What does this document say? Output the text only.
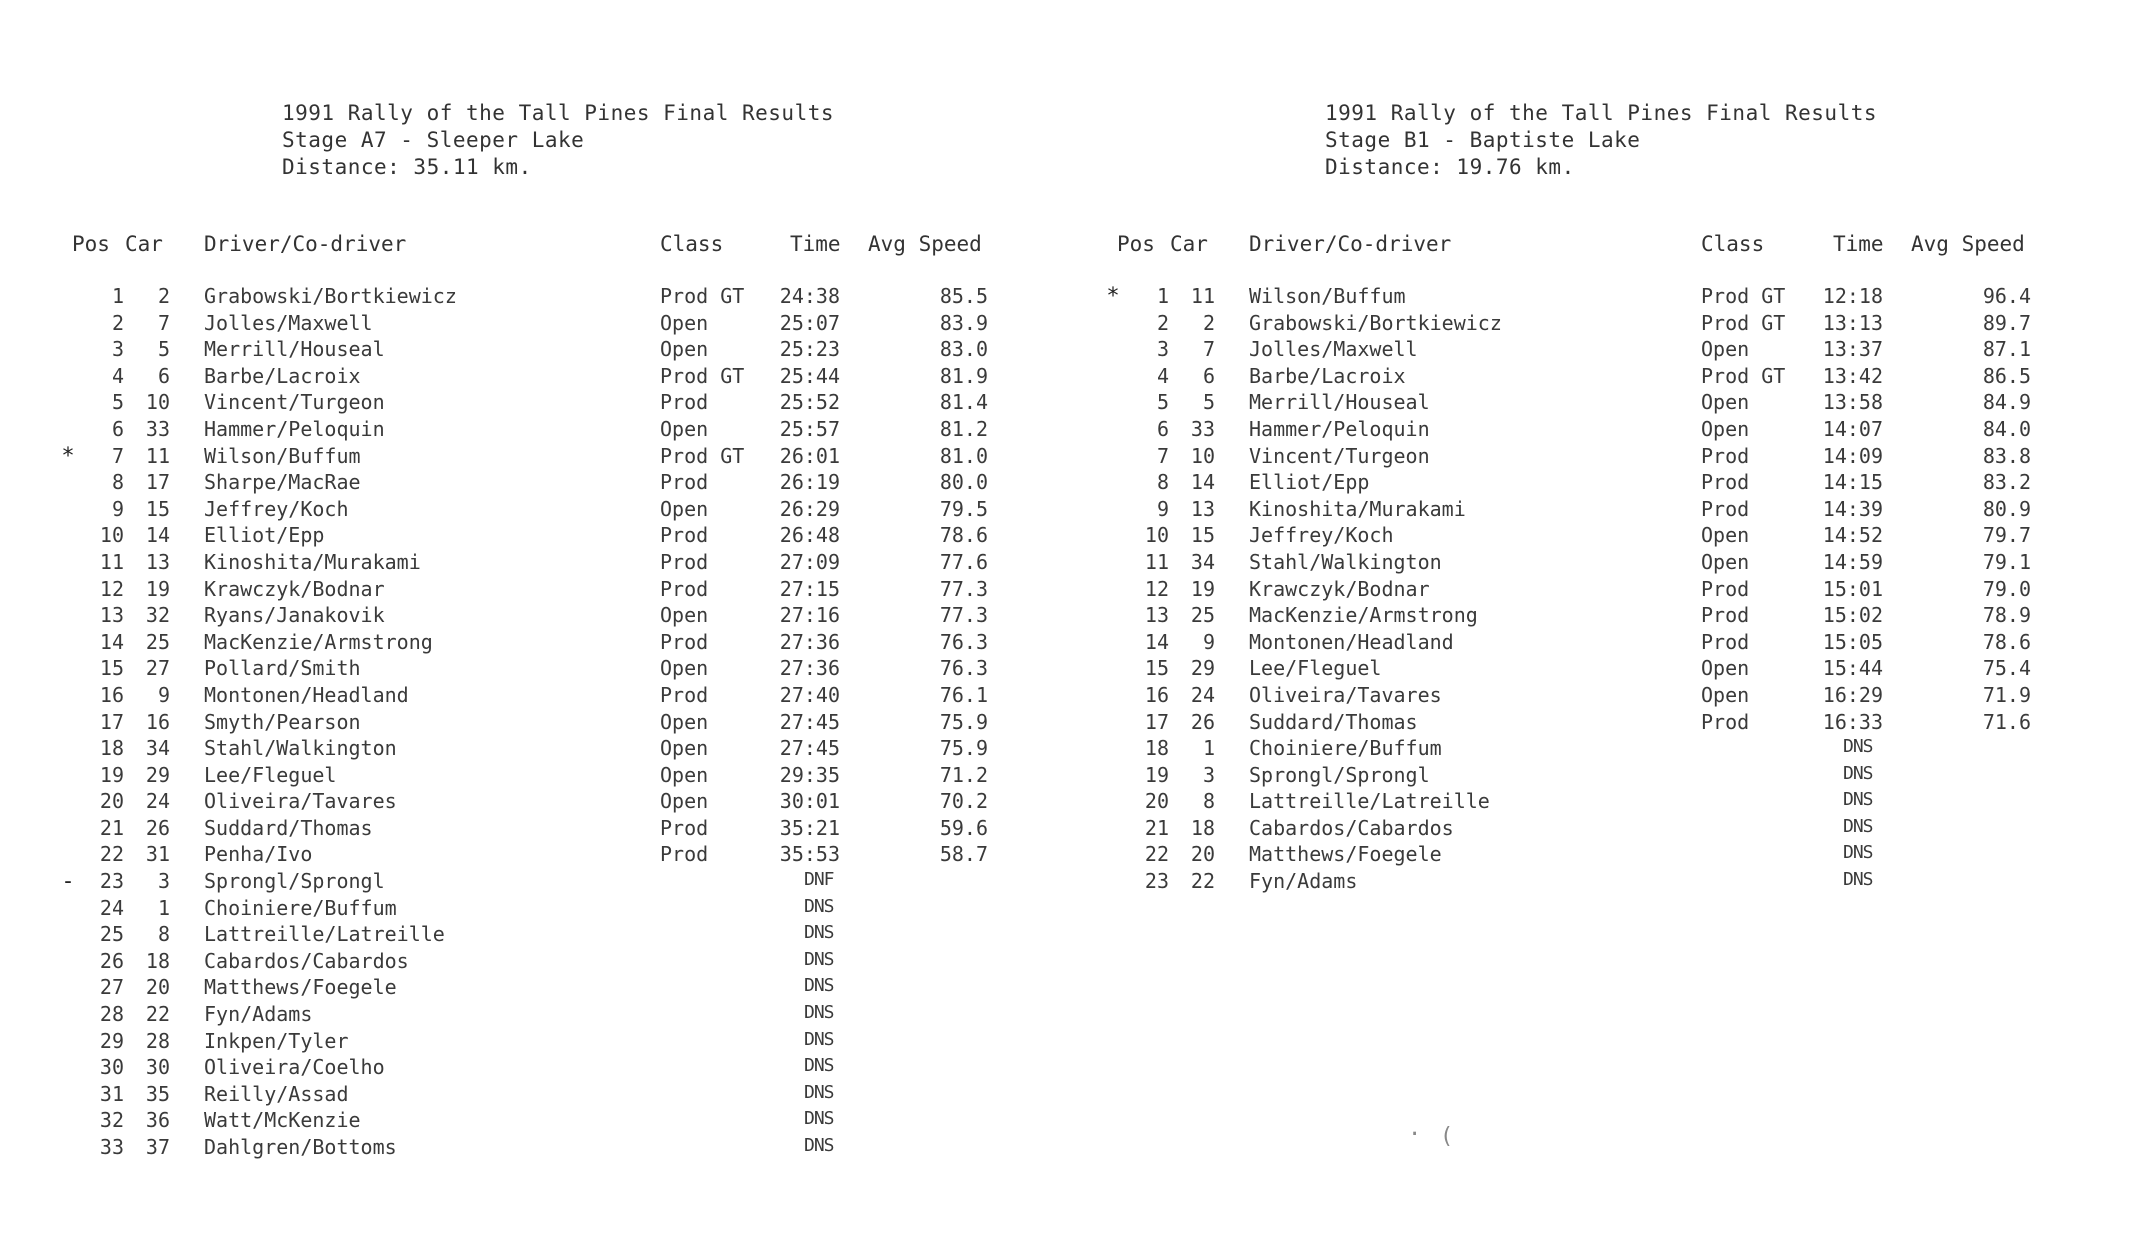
1991 Rally of the Tall Pines Final Results
Stage A7 - Sleeper Lake
Distance: 35.11 km.
1991 Rally of the Tall Pines Final Results
Stage B1 - Baptiste Lake
Distance: 19.76 km.
Pos Car Driver/Co-driver	Class	Time Avg Speed
1	2 Grabowski/Bortkiewicz	Prod GT	24:38	85.5
2	7 Jolles/Maxwell	Open	25:07	83.9
3	5 Merrill/Houseal	Open	25:23	83.0
4	6 Barbe/Lacroix	Prod GT	25:44	81.9
5	10 Vincent/Turgeon	Prod	25:52	81.4
6	33 Hammer/Peloquin	Open	25:57	81.2
*	7	11 Wilson/Buffum	Prod GT	26:01	81.0
8	17 Sharpe/MacRae	Prod	26:19	80.0
9	15 Jeffrey/Koch	Open	26:29	79.5
10	14 Elliot/Epp	Prod	26:48	78.6
11	13 Kinoshita/Murakami	Prod	27:09	77.6
12	19 Krawczyk/Bodnar	Prod	27:15	77.3
13	32 Ryans/Janakovik	Open	27:16	77.3
14	25 MacKenzie/Armstrong	Prod	27:36	76.3
15	27 Pollard/Smith	Open	27:36	76.3
16	9 Montonen/Headland	Prod	27:40	76.1
17	16 Smyth/Pearson	Open	27:45	75.9
18	34 Stahl/Walkington	Open	27:45	75.9
19	29 Lee/Fleguel	Open	29:35	71.2
20	24 Oliveira/Tavares	Open	30:01	70.2
21	26 Suddard/Thomas	Prod	35:21	59.6
22	31 Penha/Ivo	Prod	35:53	58.7
-	23	3 Sprongl/Sprongl	DNF
24	1 Choiniere/Buffum	DNS
25	8 Lattreille/Latreille	DNS
26	18 Cabardos/Cabardos	DNS
27	20 Matthews/Foegele	DNS
28	22 Fyn/Adams	DNS
29	28 Inkpen/Tyler	DNS
30	30 Oliveira/Coelho	DNS
31	35 Reilly/Assad	DNS
32	36 Watt/McKenzie	DNS
33	37 Dahlgren/Bottoms	DNS
Pos Car Driver/Co-driver	Class	Time Avg Speed
*	1	11 Wilson/Buffum	Prod GT	12:18	96.4
2	2 Grabowski/Bortkiewicz	Prod GT	13:13	89.7
3	7 Jolles/Maxwell	Open	13:37	87.1
4	6 Barbe/Lacroix	Prod GT	13:42	86.5
5	5 Merrill/Houseal	Open	13:58	84.9
6	33 Hammer/Peloquin	Open	14:07	84.0
7	10 Vincent/Turgeon	Prod	14:09	83.8
8	14 Elliot/Epp	Prod	14:15	83.2
9	13 Kinoshita/Murakami	Prod	14:39	80.9
10	15 Jeffrey/Koch	Open	14:52	79.7
11	34 Stahl/Walkington	Open	14:59	79.1
12	19 Krawczyk/Bodnar	Prod	15:01	79.0
13	25 MacKenzie/Armstrong	Prod	15:02	78.9
14	9 Montonen/Headland	Prod	15:05	78.6
15	29 Lee/Fleguel	Open	15:44	75.4
16	24 Oliveira/Tavares	Open	16:29	71.9
17	26 Suddard/Thomas	Prod	16:33	71.6
18	1 Choiniere/Buffum	DNS
19	3 Sprongl/Sprongl	DNS
20	8 Lattreille/Latreille	DNS
21	18 Cabardos/Cabardos	DNS
22	20 Matthews/Foegele	DNS
23	22 Fyn/Adams	DNS
· (
